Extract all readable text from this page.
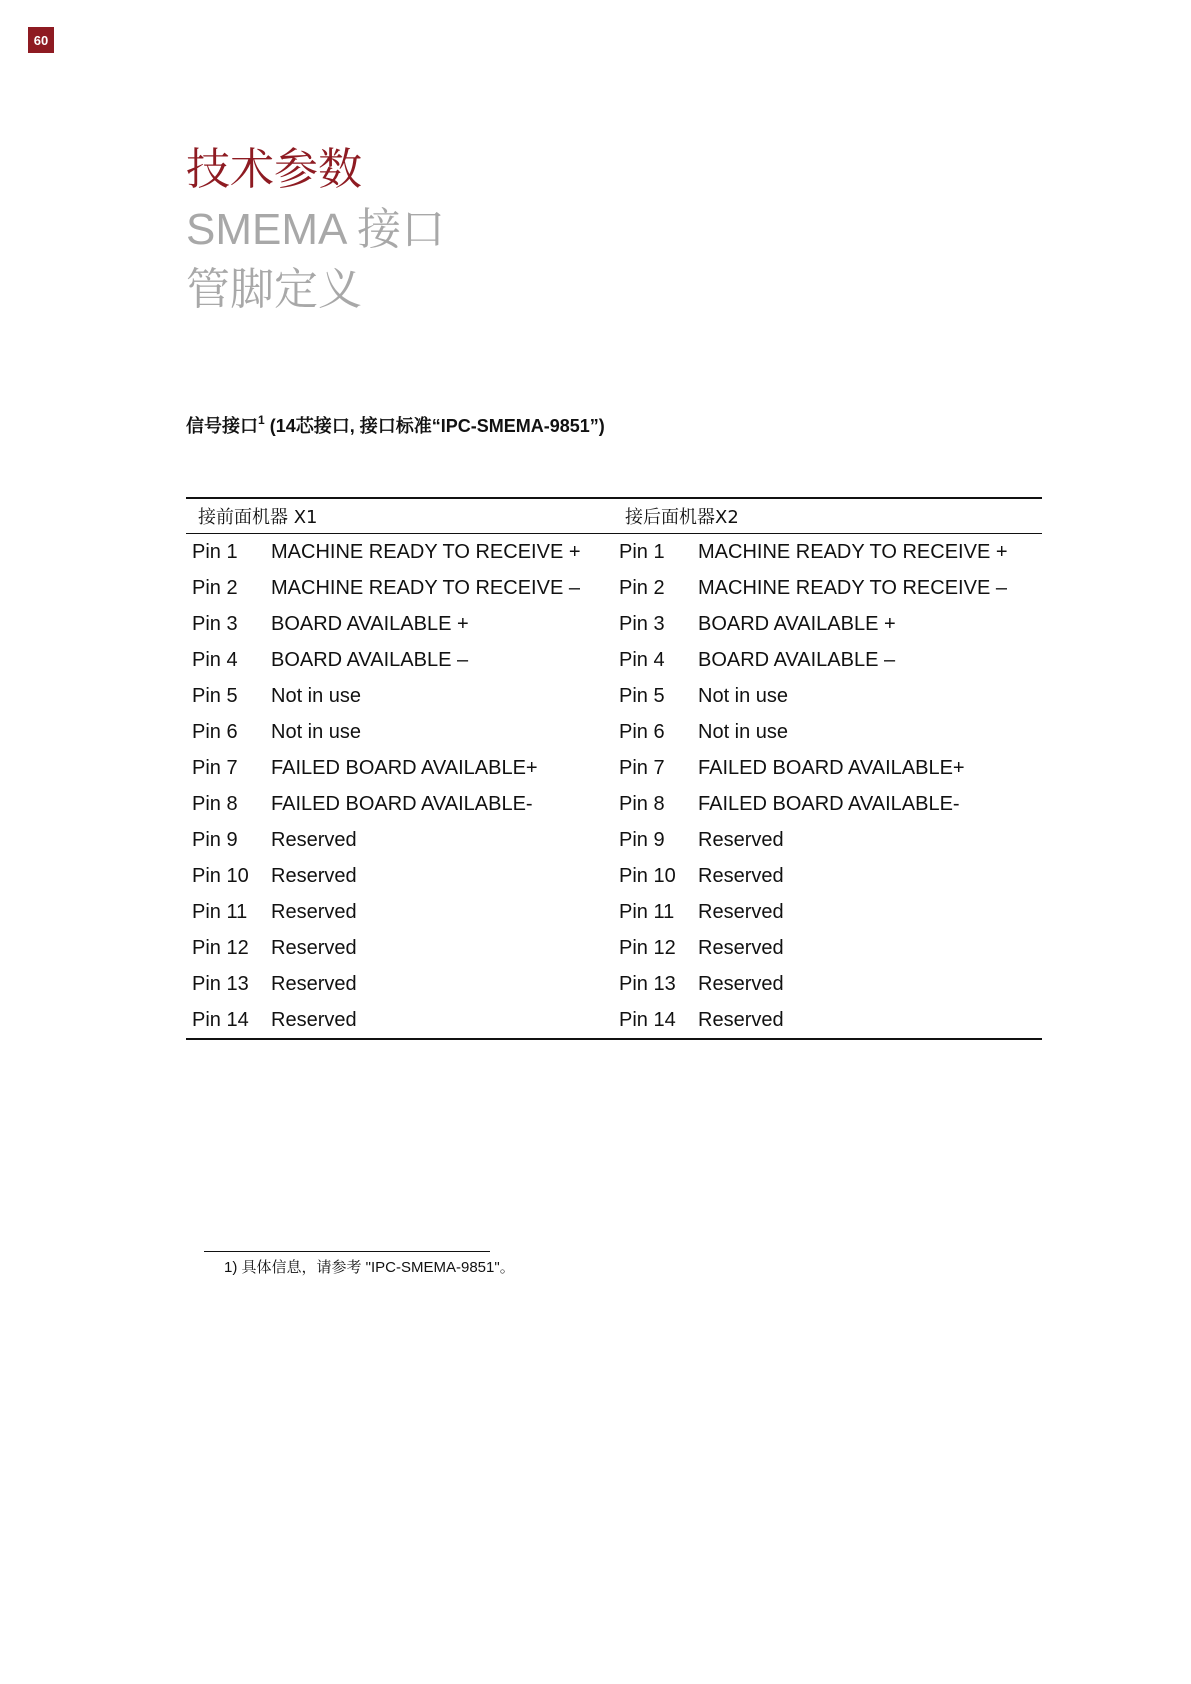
60
技术参数
SMEMA 接口
管脚定义
信号接口$^1$ (14芯接口, 接口标准“IPC-SMEMA-9851”)
接前面机器 X1		接后面机器X2	
Pin 1	MACHINE READY TO RECEIVE +	Pin 1	MACHINE READY TO RECEIVE +
Pin 2	MACHINE READY TO RECEIVE –	Pin 2	MACHINE READY TO RECEIVE –
Pin 3	BOARD AVAILABLE +	Pin 3	BOARD AVAILABLE +
Pin 4	BOARD AVAILABLE –	Pin 4	BOARD AVAILABLE –
Pin 5	Not in use	Pin 5	Not in use
Pin 6	Not in use	Pin 6	Not in use
Pin 7	FAILED BOARD AVAILABLE+	Pin 7	FAILED BOARD AVAILABLE+
Pin 8	FAILED BOARD AVAILABLE-	Pin 8	FAILED BOARD AVAILABLE-
Pin 9	Reserved	Pin 9	Reserved
Pin 10	Reserved	Pin 10	Reserved
Pin 11	Reserved	Pin 11	Reserved
Pin 12	Reserved	Pin 12	Reserved
Pin 13	Reserved	Pin 13	Reserved
Pin 14	Reserved	Pin 14	Reserved
1) 具体信息，请参考 "IPC-SMEMA-9851"。
